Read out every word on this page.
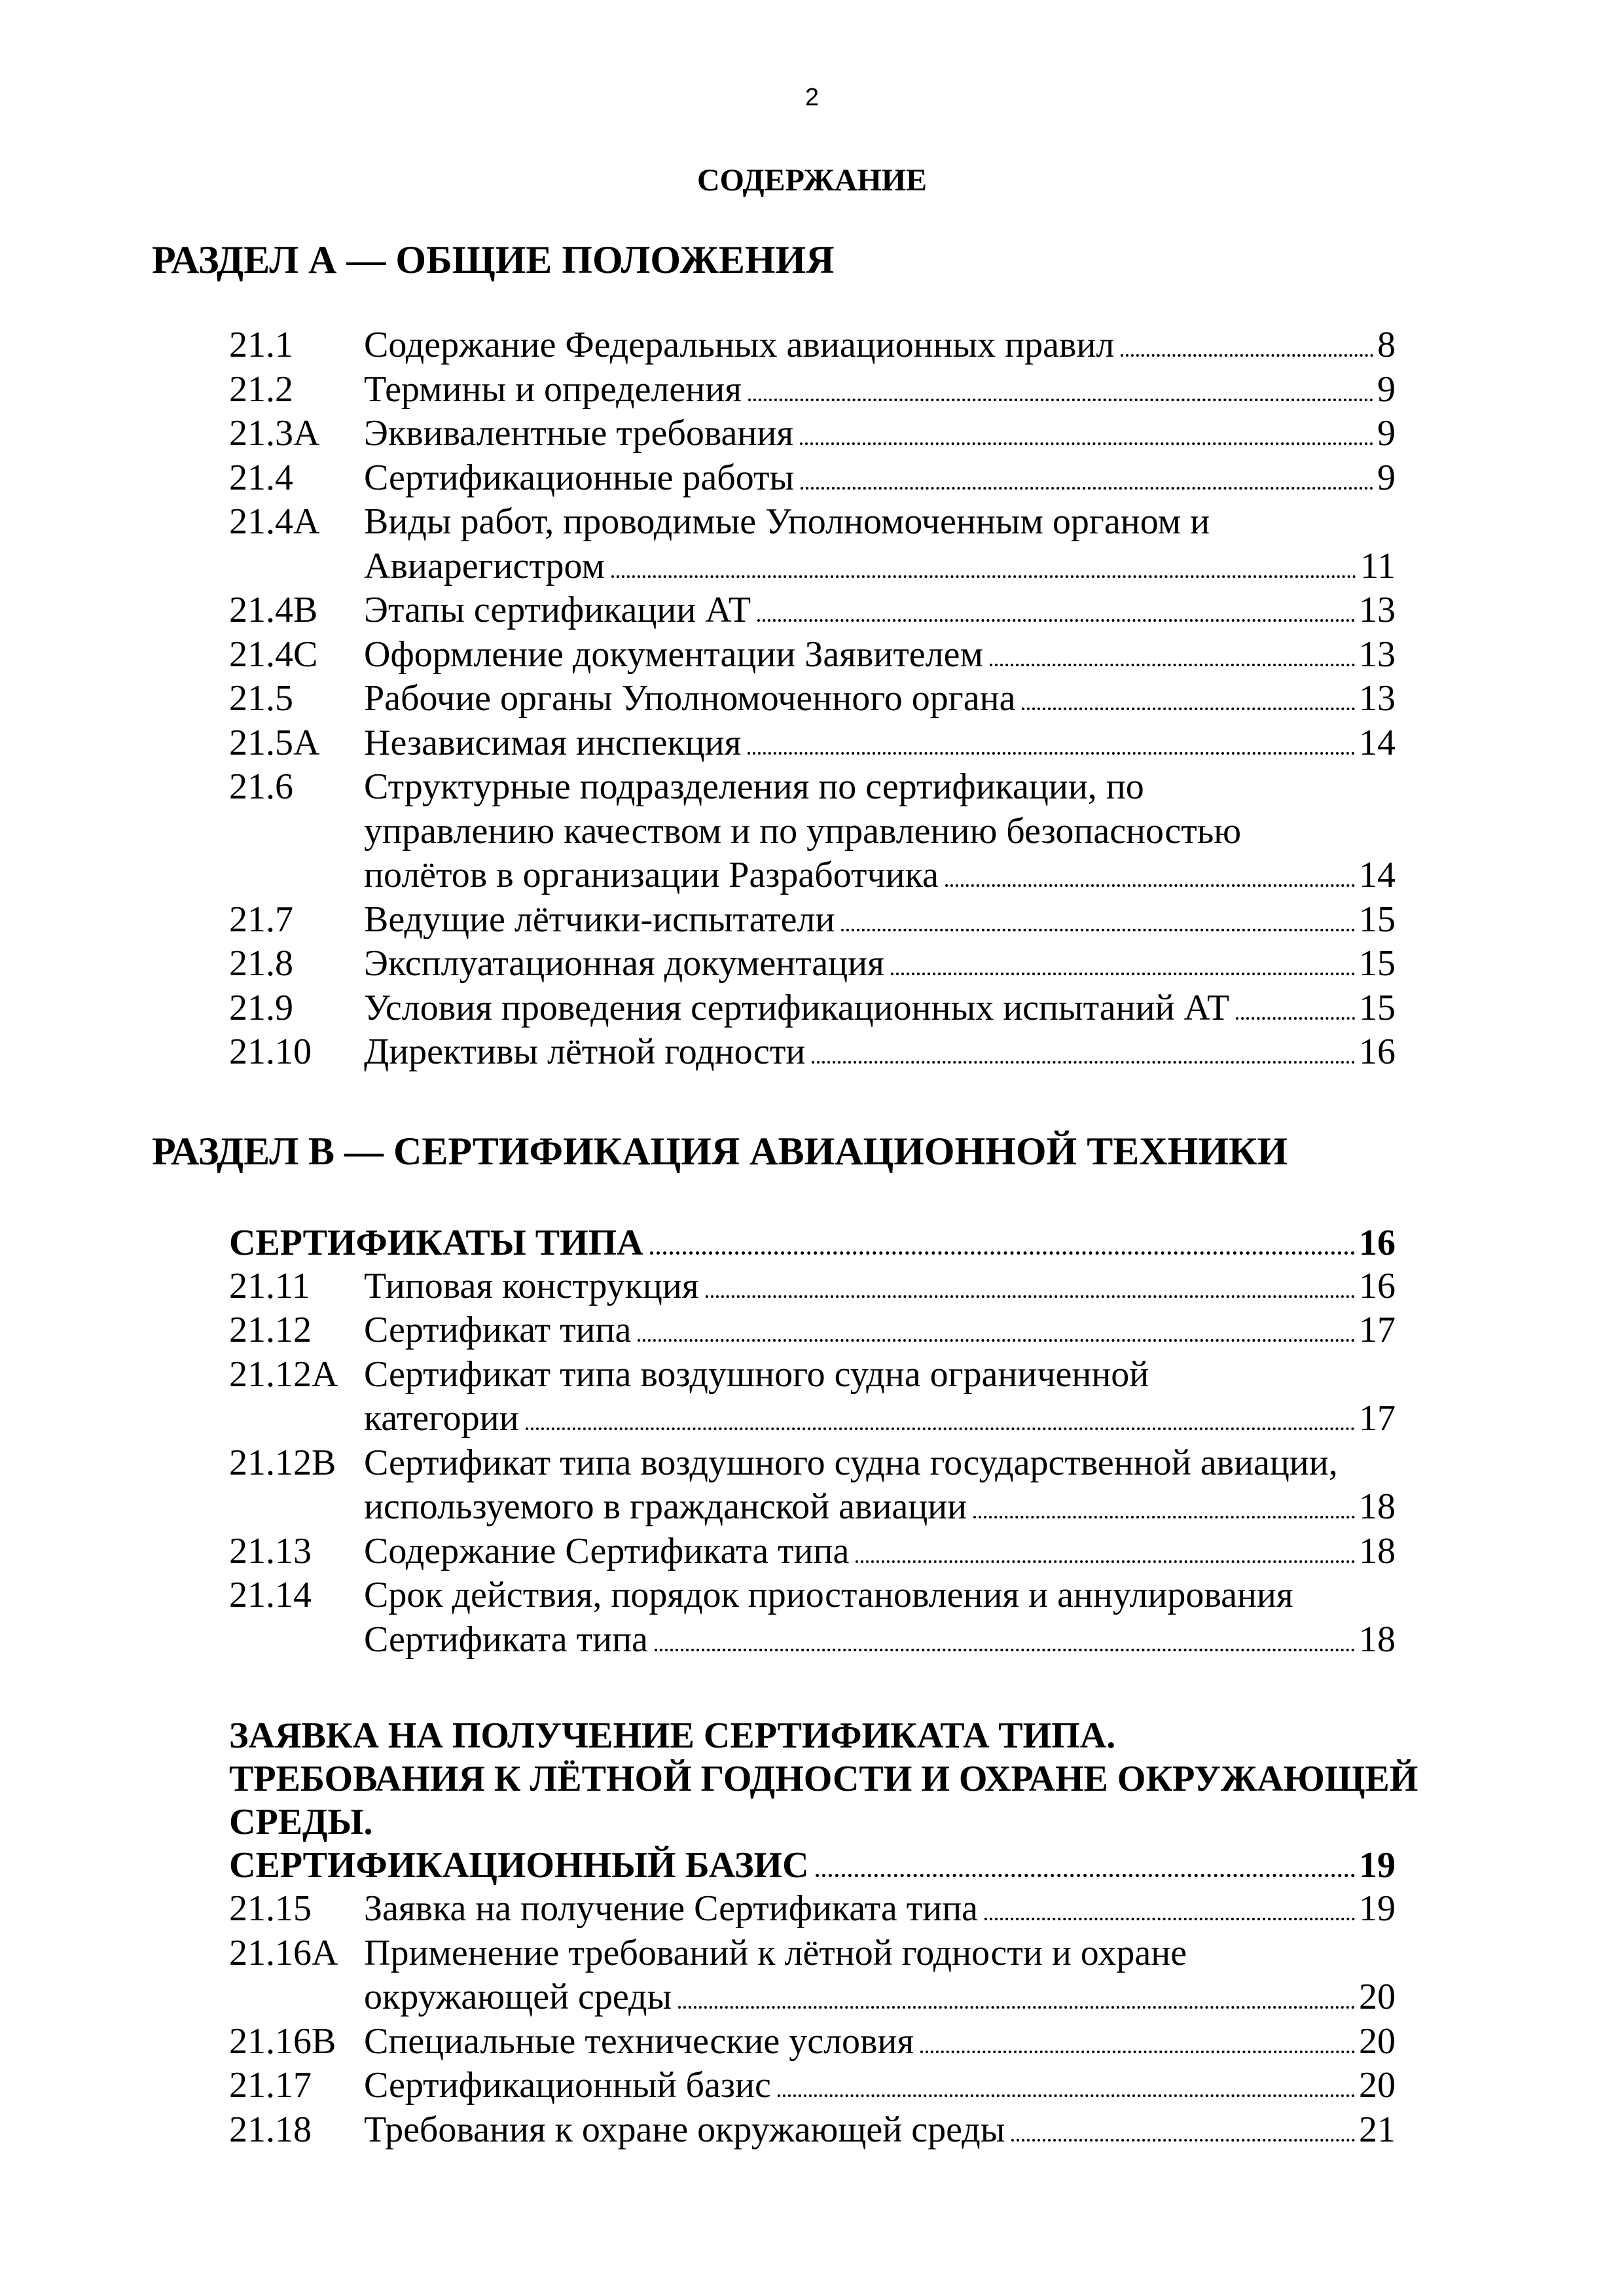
2
СОДЕРЖАНИЕ
РАЗДЕЛ А — ОБЩИЕ ПОЛОЖЕНИЯ
21.1 Содержание Федеральных авиационных правил	8
21.2 Термины и определения	9
21.3A Эквивалентные требования	9
21.4 Сертификационные работы	9
21.4A Виды работ, проводимые Уполномоченным органом и
Авиарегистром	11
21.4B Этапы сертификации АТ	13
21.4C Оформление документации Заявителем	13
21.5 Рабочие органы Уполномоченного органа	13
21.5A Независимая инспекция	14
21.6 Структурные подразделения по сертификации, по
управлению качеством и по управлению безопасностью
полётов в организации Разработчика	14
21.7 Ведущие лётчики-испытатели	15
21.8 Эксплуатационная документация	15
21.9 Условия проведения сертификационных испытаний АТ	15
21.10 Директивы лётной годности	16
РАЗДЕЛ В — СЕРТИФИКАЦИЯ АВИАЦИОННОЙ ТЕХНИКИ
СЕРТИФИКАТЫ ТИПА	16
21.11 Типовая конструкция	16
21.12 Сертификат типа	17
21.12A Сертификат типа воздушного судна ограниченной
категории	17
21.12B Сертификат типа воздушного судна государственной авиации,
используемого в гражданской авиации	18
21.13 Содержание Сертификата типа	18
21.14 Срок действия, порядок приостановления и аннулирования
Сертификата типа	18
ЗАЯВКА НА ПОЛУЧЕНИЕ СЕРТИФИКАТА ТИПА.
ТРЕБОВАНИЯ К ЛЁТНОЙ ГОДНОСТИ И ОХРАНЕ ОКРУЖАЮЩЕЙ
СРЕДЫ.
СЕРТИФИКАЦИОННЫЙ БАЗИС	19
21.15 Заявка на получение Сертификата типа	19
21.16A Применение требований к лётной годности и охране
окружающей среды	20
21.16B Специальные технические условия	20
21.17 Сертификационный базис	20
21.18 Требования к охране окружающей среды	21
